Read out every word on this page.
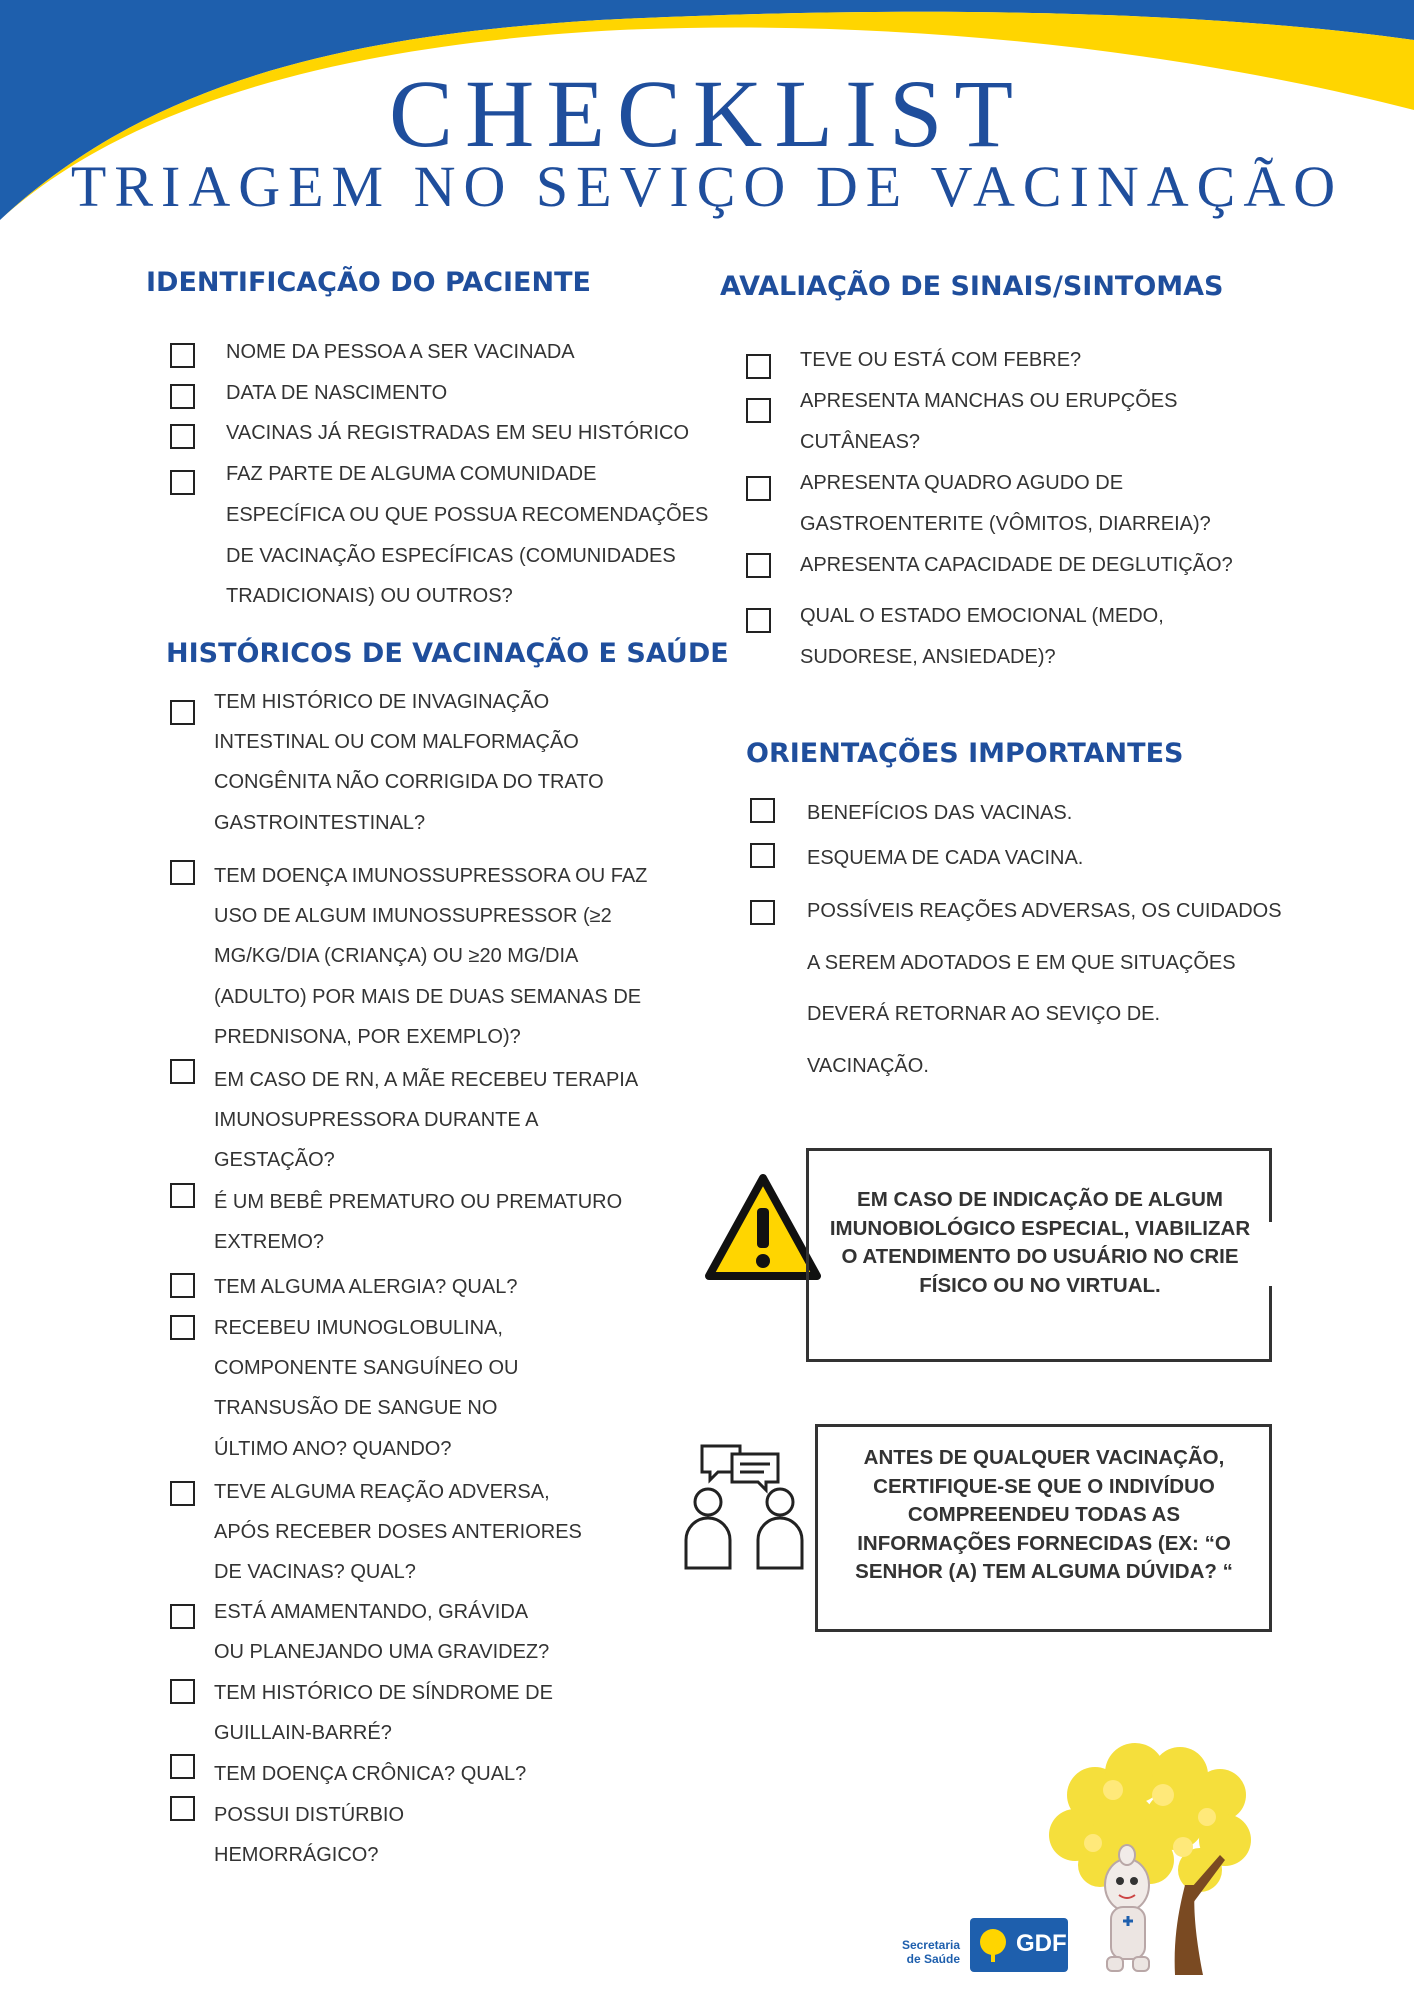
CHECKLIST
TRIAGEM NO SEVIÇO DE VACINAÇÃO
IDENTIFICAÇÃO DO PACIENTE
HISTÓRICOS DE VACINAÇÃO E SAÚDE
AVALIAÇÃO DE SINAIS/SINTOMAS
ORIENTAÇÕES IMPORTANTES
NOME DA PESSOA A SER VACINADA
DATA DE NASCIMENTO
VACINAS JÁ REGISTRADAS EM SEU HISTÓRICO
FAZ PARTE DE ALGUMA COMUNIDADE
ESPECÍFICA OU QUE POSSUA RECOMENDAÇÕES
DE VACINAÇÃO ESPECÍFICAS (COMUNIDADES
TRADICIONAIS) OU OUTROS?
TEM HISTÓRICO DE INVAGINAÇÃO
INTESTINAL OU COM MALFORMAÇÃO
CONGÊNITA NÃO CORRIGIDA DO TRATO
GASTROINTESTINAL?
TEM DOENÇA IMUNOSSUPRESSORA OU FAZ
USO DE ALGUM IMUNOSSUPRESSOR (≥2
MG/KG/DIA (CRIANÇA) OU ≥20 MG/DIA
(ADULTO) POR MAIS DE DUAS SEMANAS DE
PREDNISONA, POR EXEMPLO)?
EM CASO DE RN, A MÃE RECEBEU TERAPIA
IMUNOSUPRESSORA DURANTE A
GESTAÇÃO?
É UM BEBÊ PREMATURO OU PREMATURO
EXTREMO?
TEM ALGUMA ALERGIA? QUAL?
RECEBEU IMUNOGLOBULINA,
COMPONENTE SANGUÍNEO OU
TRANSUSÃO DE SANGUE NO
ÚLTIMO ANO? QUANDO?
TEVE ALGUMA REAÇÃO ADVERSA,
APÓS RECEBER DOSES ANTERIORES
DE VACINAS? QUAL?
ESTÁ AMAMENTANDO, GRÁVIDA
OU PLANEJANDO UMA GRAVIDEZ?
TEM HISTÓRICO DE SÍNDROME DE
GUILLAIN-BARRÉ?
TEM DOENÇA CRÔNICA? QUAL?
POSSUI DISTÚRBIO
HEMORRÁGICO?
TEVE OU ESTÁ COM FEBRE?
APRESENTA MANCHAS OU ERUPÇÕES
CUTÂNEAS?
APRESENTA QUADRO AGUDO DE
GASTROENTERITE (VÔMITOS, DIARREIA)?
APRESENTA CAPACIDADE DE DEGLUTIÇÃO?
QUAL O ESTADO EMOCIONAL (MEDO,
SUDORESE, ANSIEDADE)?
BENEFÍCIOS DAS VACINAS.
ESQUEMA DE CADA VACINA.
POSSÍVEIS REAÇÕES ADVERSAS, OS CUIDADOS
A SEREM ADOTADOS E EM QUE SITUAÇÕES
DEVERÁ RETORNAR AO SEVIÇO DE.
VACINAÇÃO.
EM CASO DE INDICAÇÃO DE ALGUM
IMUNOBIOLÓGICO ESPECIAL, VIABILIZAR
O ATENDIMENTO DO USUÁRIO NO CRIE
FÍSICO OU NO VIRTUAL.
ANTES DE QUALQUER VACINAÇÃO,
CERTIFIQUE-SE QUE O INDIVÍDUO
COMPREENDEU TODAS AS
INFORMAÇÕES FORNECIDAS (EX: “O
SENHOR (A) TEM ALGUMA DÚVIDA? “
Secretaria
de Saúde
GDF
